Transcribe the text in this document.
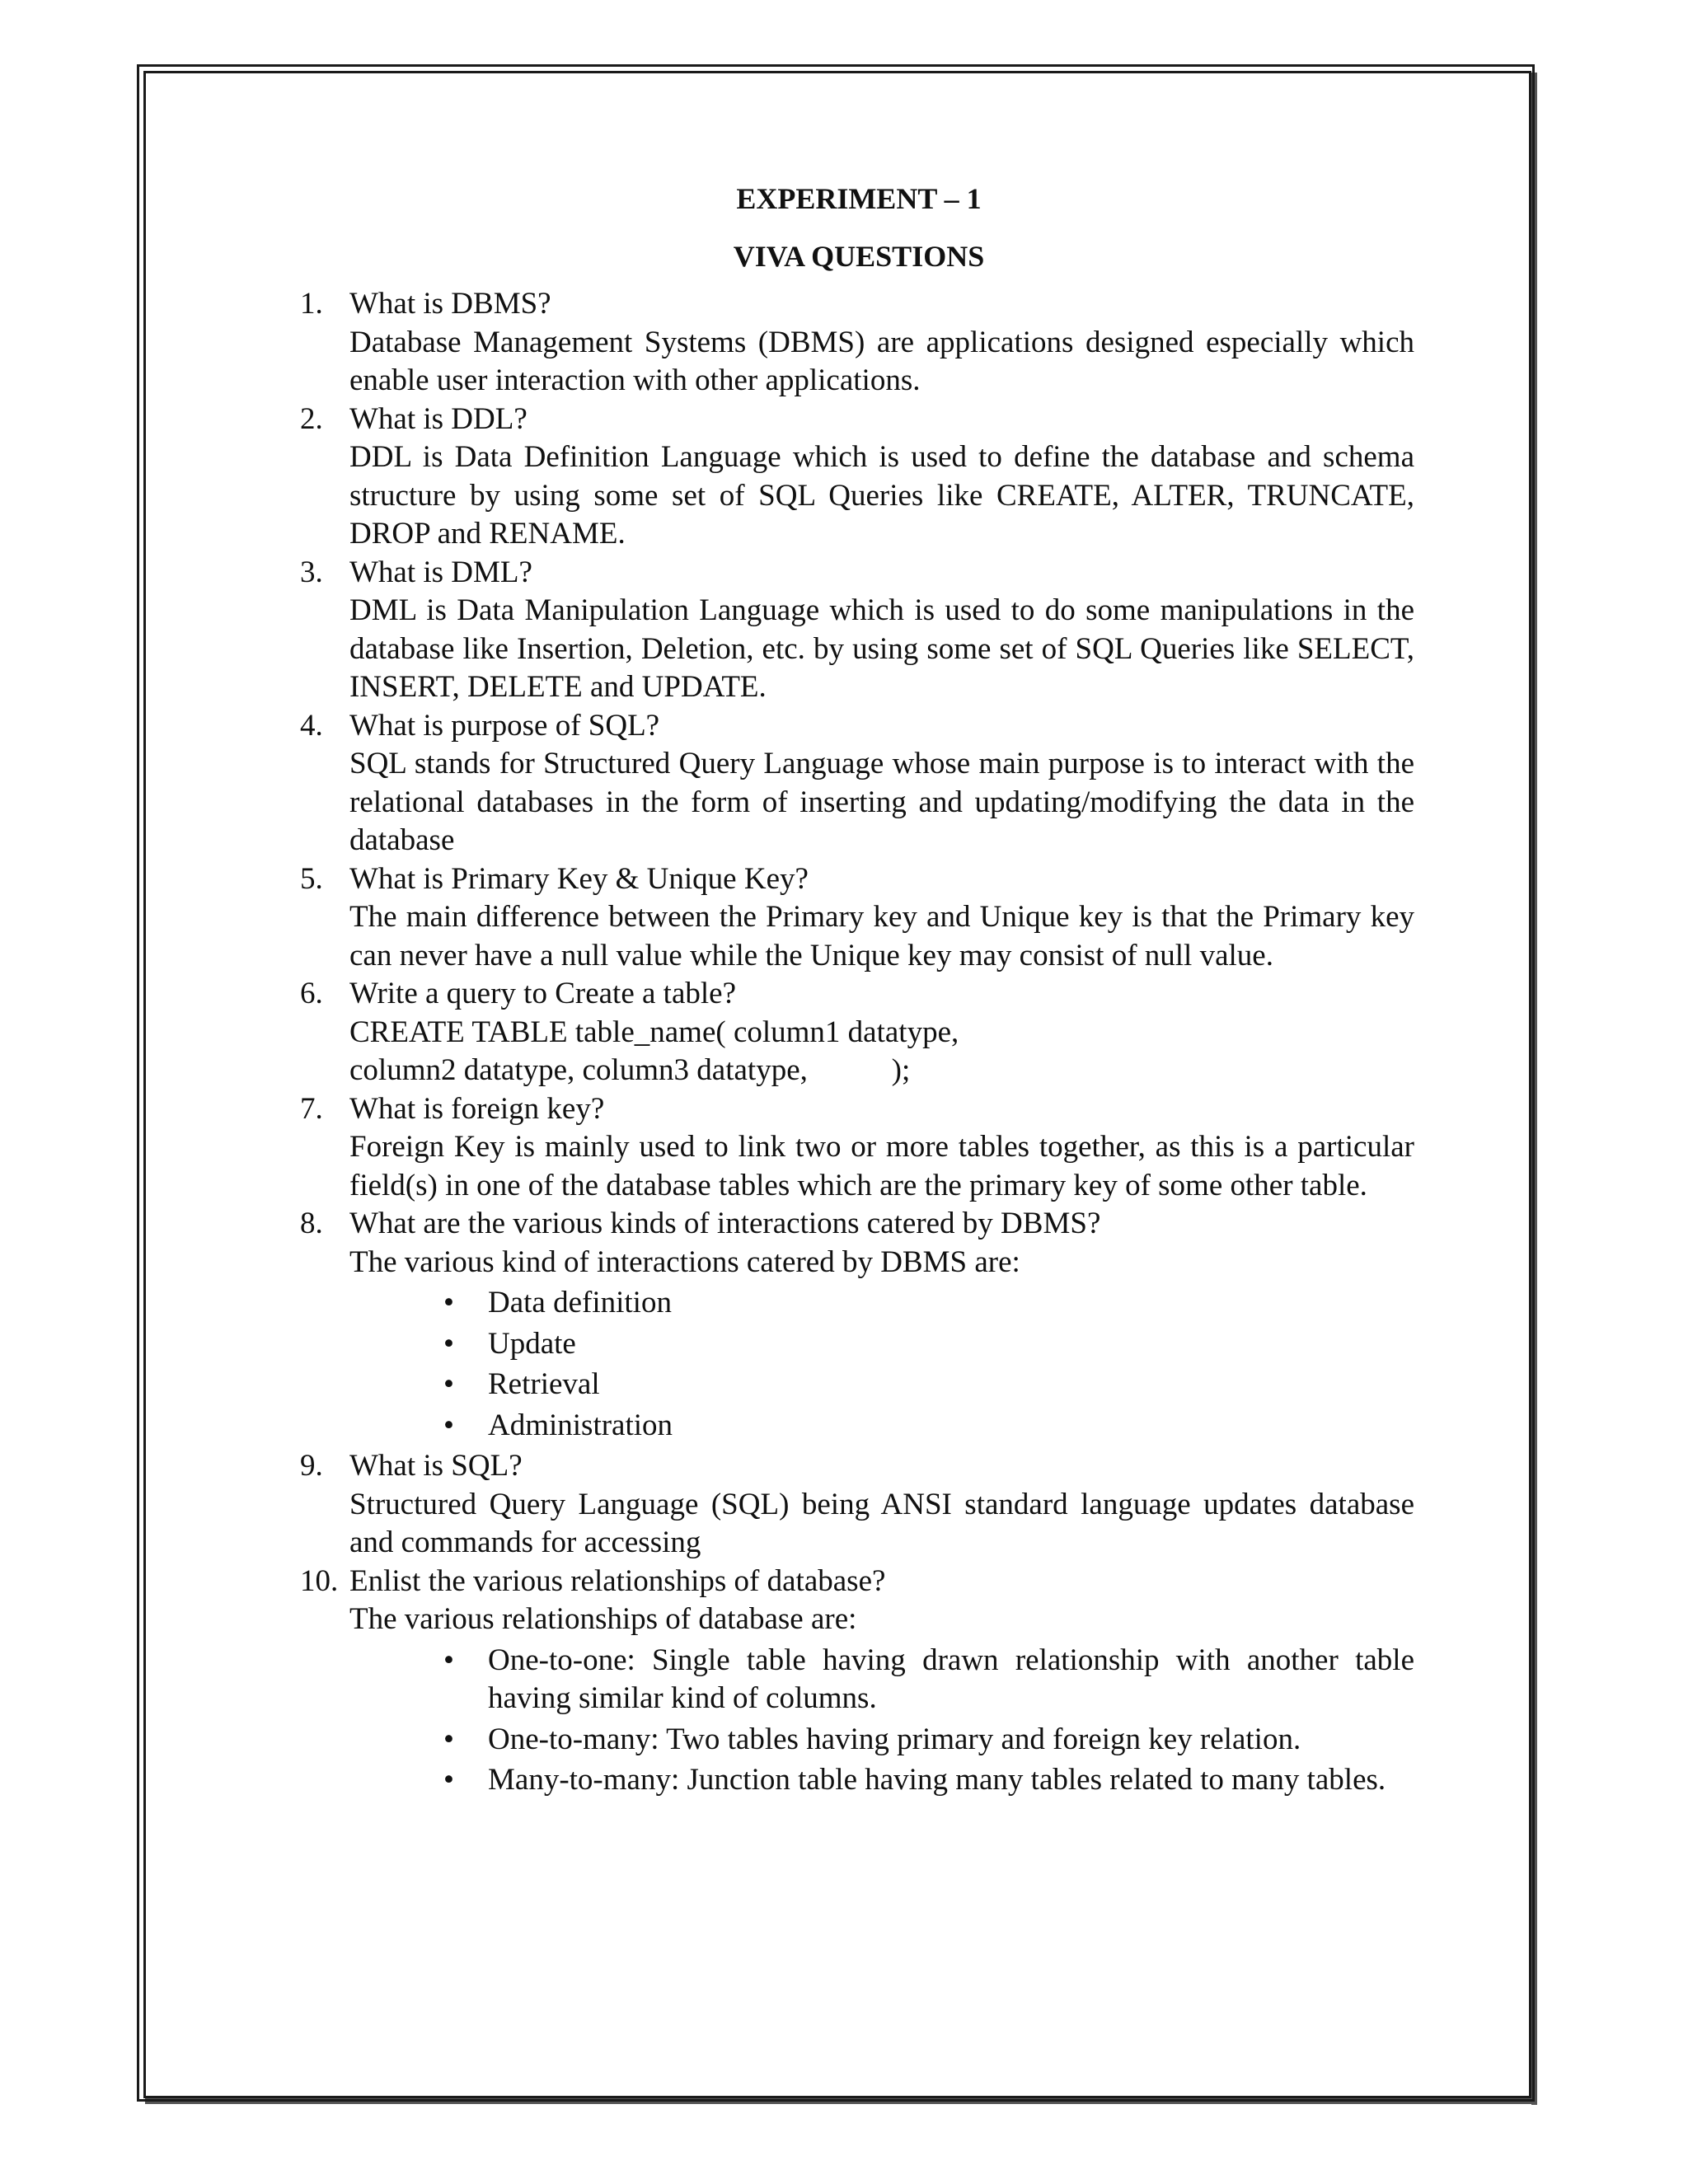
EXPERIMENT – 1
VIVA QUESTIONS
1. What is DBMS?
Database Management Systems (DBMS) are applications designed especially which enable user interaction with other applications.
2. What is DDL?
DDL is Data Definition Language which is used to define the database and schema structure by using some set of SQL Queries like CREATE, ALTER, TRUNCATE, DROP and RENAME.
3. What is DML?
DML is Data Manipulation Language which is used to do some manipulations in the database like Insertion, Deletion, etc. by using some set of SQL Queries like SELECT, INSERT, DELETE and UPDATE.
4. What is purpose of SQL?
SQL stands for Structured Query Language whose main purpose is to interact with the relational databases in the form of inserting and updating/modifying the data in the database
5. What is Primary Key & Unique Key?
The main difference between the Primary key and Unique key is that the Primary key can never have a null value while the Unique key may consist of null value.
6. Write a query to Create a table?
CREATE TABLE table_name( column1 datatype,
column2 datatype, column3 datatype,           );
7. What is foreign key?
Foreign Key is mainly used to link two or more tables together, as this is a particular field(s) in one of the database tables which are the primary key of some other table.
8. What are the various kinds of interactions catered by DBMS?
The various kind of interactions catered by DBMS are:
• Data definition
• Update
• Retrieval
• Administration
9. What is SQL?
Structured Query Language (SQL) being ANSI standard language updates database and commands for accessing
10. Enlist the various relationships of database?
The various relationships of database are:
• One-to-one: Single table having drawn relationship with another table having similar kind of columns.
• One-to-many: Two tables having primary and foreign key relation.
• Many-to-many: Junction table having many tables related to many tables.
